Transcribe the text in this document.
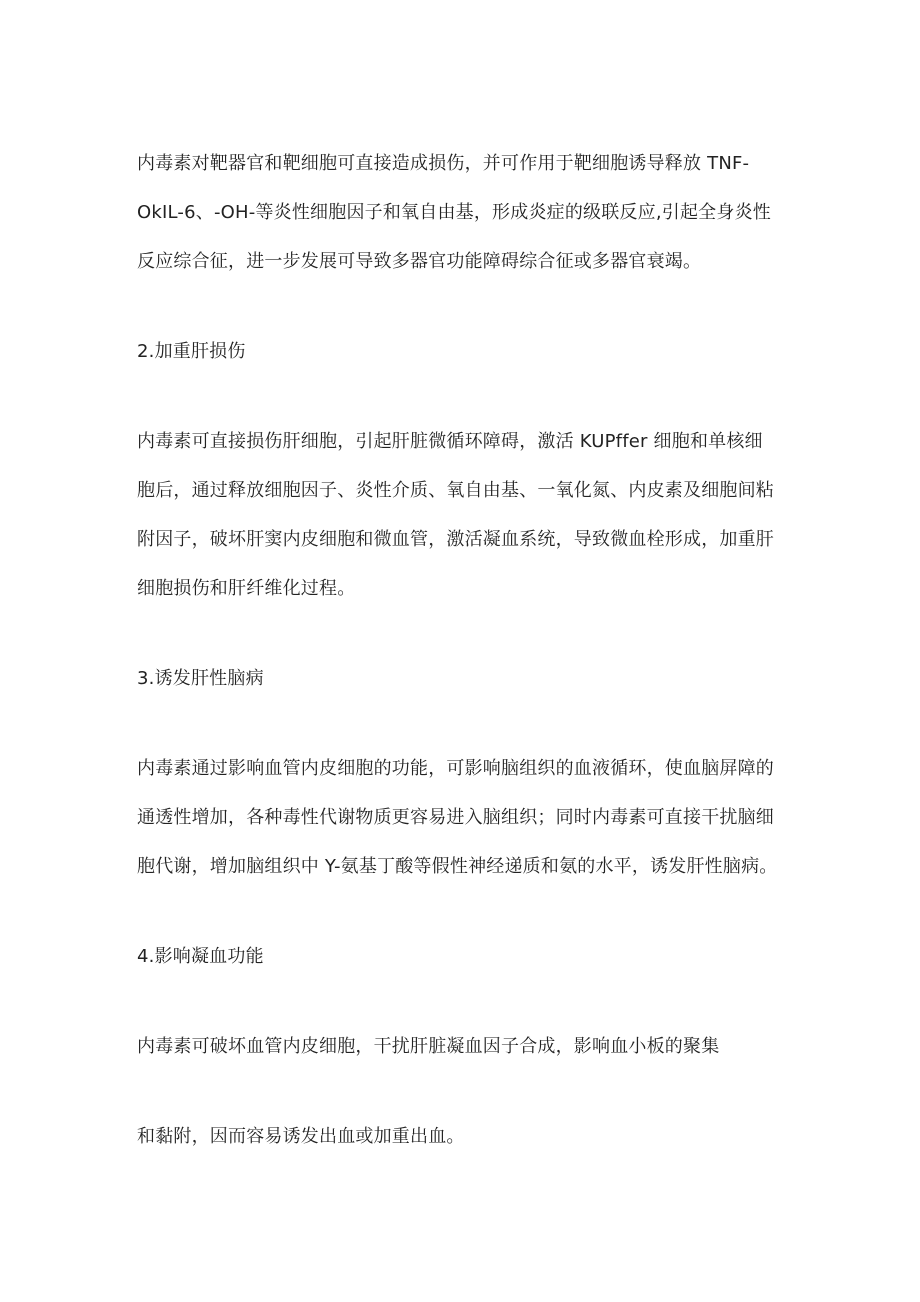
内毒素对靶器官和靶细胞可直接造成损伤，并可作用于靶细胞诱导释放 TNF-
OkIL-6、-OH-等炎性细胞因子和氧自由基，形成炎症的级联反应,引起全身炎性
反应综合征，进一步发展可导致多器官功能障碍综合征或多器官衰竭。
2.加重肝损伤
内毒素可直接损伤肝细胞，引起肝脏微循环障碍，激活 KUPffer 细胞和单核细
胞后，通过释放细胞因子、炎性介质、氧自由基、一氧化氮、内皮素及细胞间粘
附因子，破坏肝窦内皮细胞和微血管，激活凝血系统，导致微血栓形成，加重肝
细胞损伤和肝纤维化过程。
3.诱发肝性脑病
内毒素通过影响血管内皮细胞的功能，可影响脑组织的血液循环，使血脑屏障的
通透性增加，各种毒性代谢物质更容易进入脑组织；同时内毒素可直接干扰脑细
胞代谢，增加脑组织中 Y-氨基丁酸等假性神经递质和氨的水平，诱发肝性脑病。
4.影响凝血功能
内毒素可破坏血管内皮细胞，干扰肝脏凝血因子合成，影响血小板的聚集
和黏附，因而容易诱发出血或加重出血。
